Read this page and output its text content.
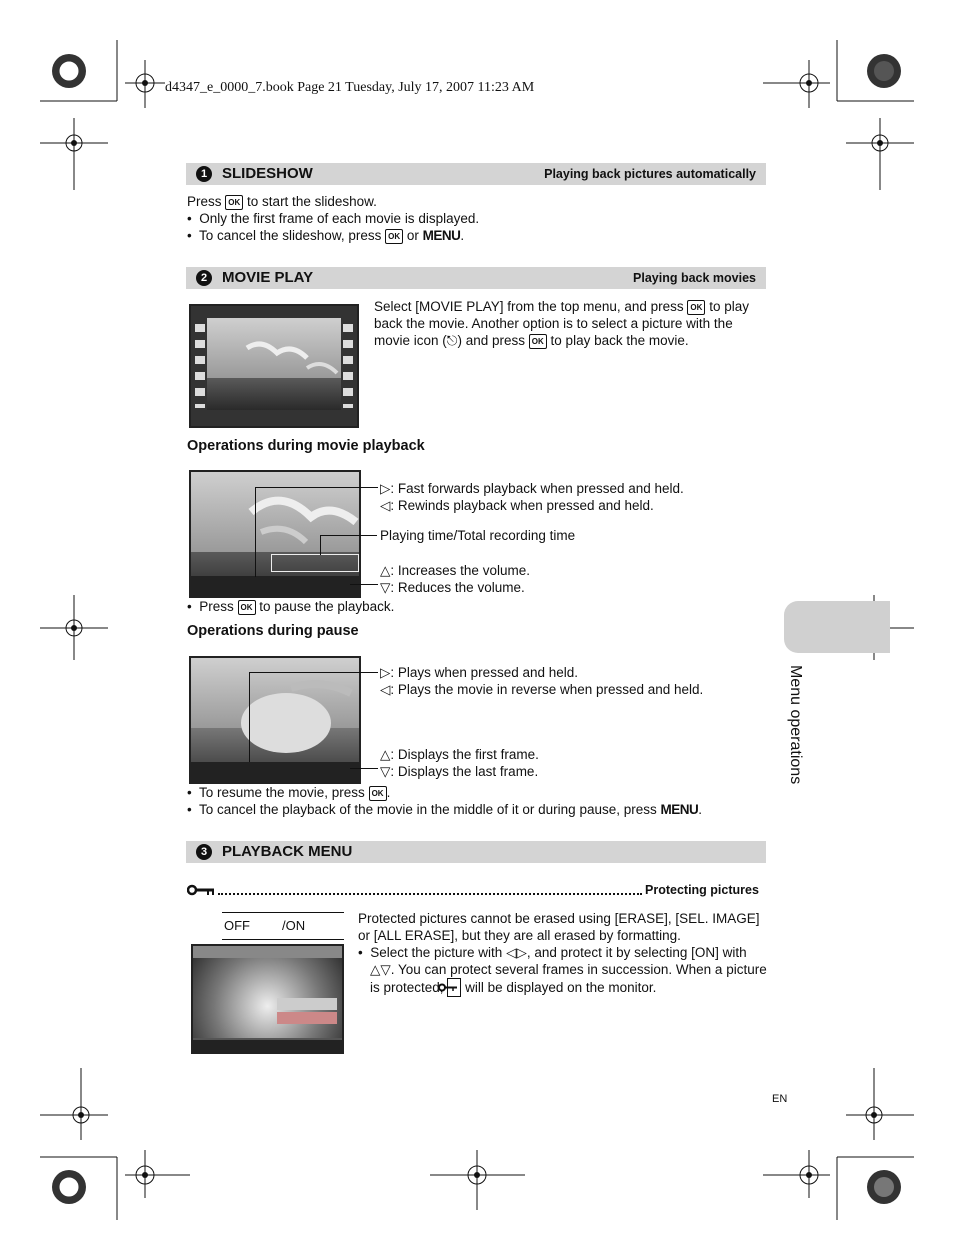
d4347_e_0000_7.book Page 21 Tuesday, July 17, 2007 11:23 AM
1 SLIDESHOW	Playing back pictures automatically
Press OK to start the slideshow.
•  Only the first frame of each movie is displayed.
•  To cancel the slideshow, press OK or MENU.
2 MOVIE PLAY	Playing back movies
Select [MOVIE PLAY] from the top menu, and press OK to play back the movie. Another option is to select a picture with the movie icon (⎋) and press OK to play back the movie.
Operations during movie playback
▷: Fast forwards playback when pressed and held.
◁: Rewinds playback when pressed and held.
Playing time/Total recording time
△: Increases the volume.
▽: Reduces the volume.
•  Press OK to pause the playback.
Operations during pause
▷: Plays when pressed and held.
◁: Plays the movie in reverse when pressed and held.
△: Displays the first frame.
▽: Displays the last frame.
•  To resume the movie, press OK .
•  To cancel the playback of the movie in the middle of it or during pause, press MENU.
3 PLAYBACK MENU
Protecting pictures
OFF /ON	Protected pictures cannot be erased using [ERASE], [SEL. IMAGE] or [ALL ERASE], but they are all erased by formatting.
•  Select the picture with ◁▷, and protect it by selecting [ON] with △▽. You can protect several frames in succession. When a picture is protected, will be displayed on the monitor.
Menu operations
EN
